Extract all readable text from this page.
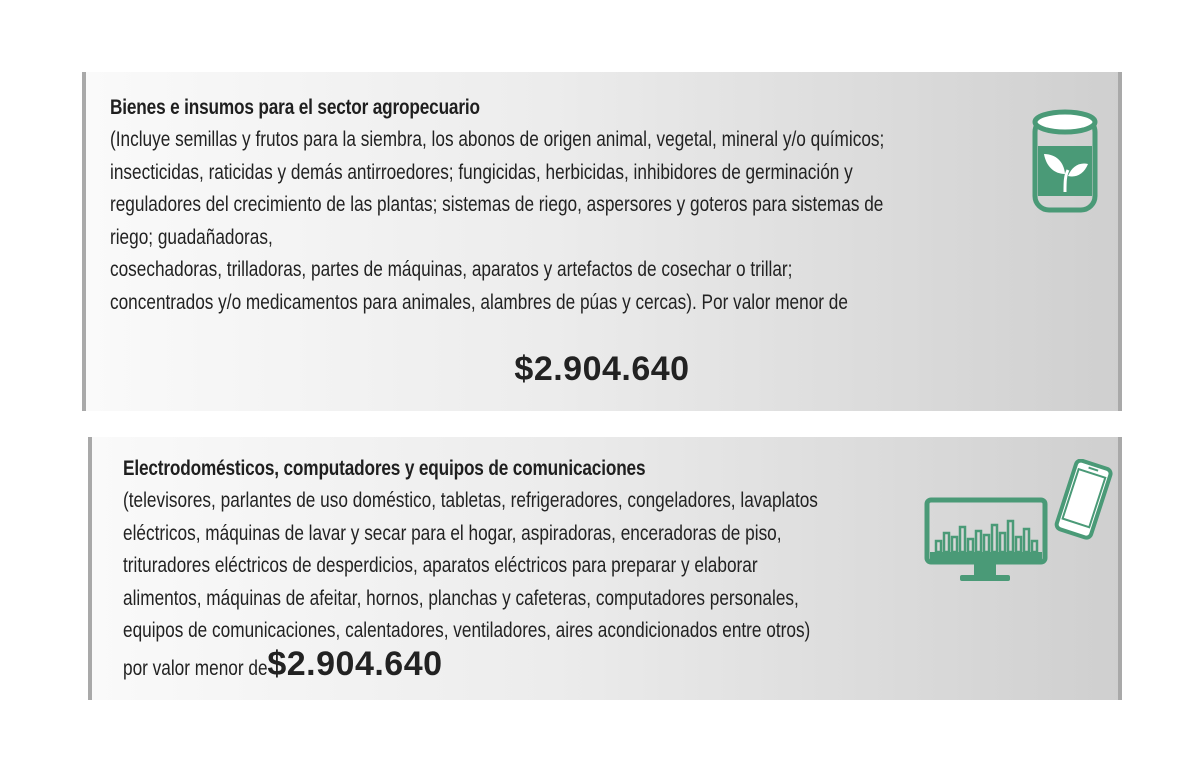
Bienes e insumos para el sector agropecuario
(Incluye semillas y frutos para la siembra, los abonos de origen animal, vegetal, mineral y/o químicos;
insecticidas, raticidas y demás antirroedores; fungicidas, herbicidas, inhibidores de germinación y
reguladores del crecimiento de las plantas; sistemas de riego, aspersores y goteros para sistemas de
riego; guadañadoras,
cosechadoras, trilladoras, partes de máquinas, aparatos y artefactos de cosechar o trillar;
concentrados y/o medicamentos para animales, alambres de púas y cercas). Por valor menor de
$2.904.640
Electrodomésticos, computadores y equipos de comunicaciones
(televisores, parlantes de uso doméstico, tabletas, refrigeradores, congeladores, lavaplatos
eléctricos, máquinas de lavar y secar para el hogar, aspiradoras, enceradoras de piso,
trituradores eléctricos de desperdicios, aparatos eléctricos para preparar y elaborar
alimentos, máquinas de afeitar, hornos, planchas y cafeteras, computadores personales,
equipos de comunicaciones, calentadores, ventiladores, aires acondicionados entre otros)
por valor menor de$2.904.640
